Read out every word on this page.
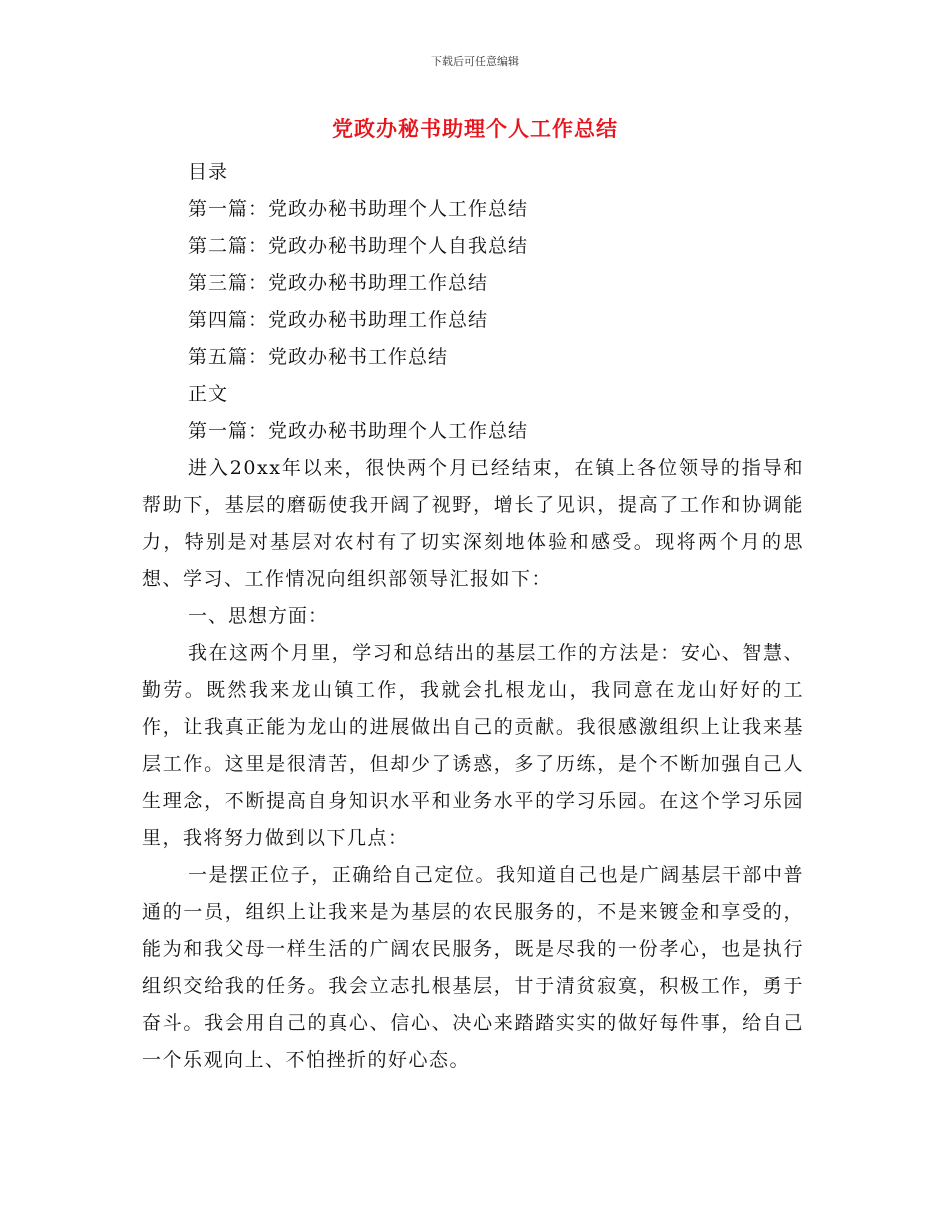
下载后可任意编辑
党政办秘书助理个人工作总结
目录
第一篇：党政办秘书助理个人工作总结
第二篇：党政办秘书助理个人自我总结
第三篇：党政办秘书助理工作总结
第四篇：党政办秘书助理工作总结
第五篇：党政办秘书工作总结
正文
第一篇：党政办秘书助理个人工作总结

进入20xx年以来，很快两个月已经结束，在镇上各位领导的指导和帮助下，基层的磨砺使我开阔了视野，增长了见识，提高了工作和协调能力，特别是对基层对农村有了切实深刻地体验和感受。现将两个月的思想、学习、工作情况向组织部领导汇报如下：

一、思想方面：

我在这两个月里，学习和总结出的基层工作的方法是：安心、智慧、勤劳。既然我来龙山镇工作，我就会扎根龙山，我同意在龙山好好的工作，让我真正能为龙山的进展做出自己的贡献。我很感激组织上让我来基层工作。这里是很清苦，但却少了诱惑，多了历练，是个不断加强自己人生理念，不断提高自身知识水平和业务水平的学习乐园。在这个学习乐园里，我将努力做到以下几点：

一是摆正位子，正确给自己定位。我知道自己也是广阔基层干部中普通的一员，组织上让我来是为基层的农民服务的，不是来镀金和享受的，能为和我父母一样生活的广阔农民服务，既是尽我的一份孝心，也是执行组织交给我的任务。我会立志扎根基层，甘于清贫寂寞，积极工作，勇于奋斗。我会用自己的真心、信心、决心来踏踏实实的做好每件事，给自己一个乐观向上、不怕挫折的好心态。
